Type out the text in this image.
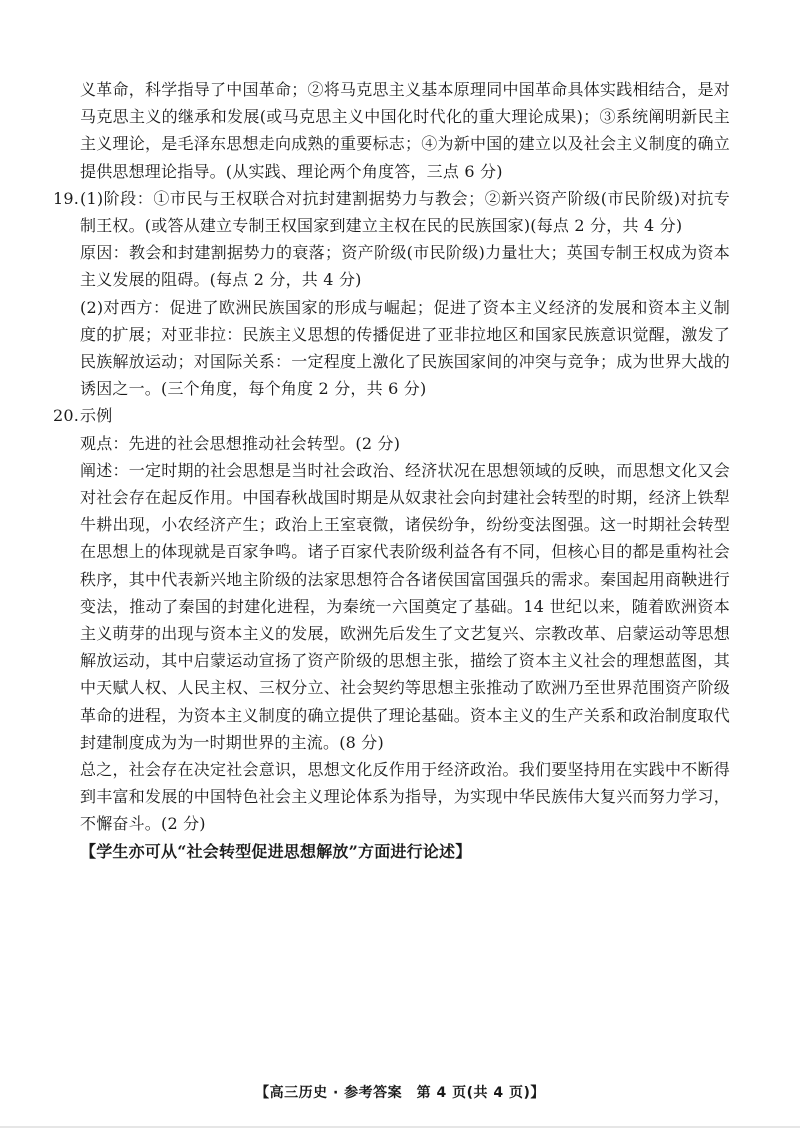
义革命，科学指导了中国革命；②将马克思主义基本原理同中国革命具体实践相结合，是对马克思主义的继承和发展(或马克思主义中国化时代化的重大理论成果)；③系统阐明新民主主义理论，是毛泽东思想走向成熟的重要标志；④为新中国的建立以及社会主义制度的确立提供思想理论指导。(从实践、理论两个角度答，三点 6 分)

19. (1)阶段：①市民与王权联合对抗封建割据势力与教会；②新兴资产阶级(市民阶级)对抗专制王权。(或答从建立专制王权国家到建立主权在民的民族国家)(每点 2 分，共 4 分)

原因：教会和封建割据势力的衰落；资产阶级(市民阶级)力量壮大；英国专制王权成为资本主义发展的阻碍。(每点 2 分，共 4 分)

(2)对西方：促进了欧洲民族国家的形成与崛起；促进了资本主义经济的发展和资本主义制度的扩展；对亚非拉：民族主义思想的传播促进了亚非拉地区和国家民族意识觉醒，激发了民族解放运动；对国际关系：一定程度上激化了民族国家间的冲突与竞争；成为世界大战的诱因之一。(三个角度，每个角度 2 分，共 6 分)

20. 示例

观点：先进的社会思想推动社会转型。(2 分)

阐述：一定时期的社会思想是当时社会政治、经济状况在思想领域的反映，而思想文化又会对社会存在起反作用。中国春秋战国时期是从奴隶社会向封建社会转型的时期，经济上铁犁牛耕出现，小农经济产生；政治上王室衰微，诸侯纷争，纷纷变法图强。这一时期社会转型在思想上的体现就是百家争鸣。诸子百家代表阶级利益各有不同，但核心目的都是重构社会秩序，其中代表新兴地主阶级的法家思想符合各诸侯国富国强兵的需求。秦国起用商鞅进行变法，推动了秦国的封建化进程，为秦统一六国奠定了基础。14 世纪以来，随着欧洲资本主义萌芽的出现与资本主义的发展，欧洲先后发生了文艺复兴、宗教改革、启蒙运动等思想解放运动，其中启蒙运动宣扬了资产阶级的思想主张，描绘了资本主义社会的理想蓝图，其中天赋人权、人民主权、三权分立、社会契约等思想主张推动了欧洲乃至世界范围资产阶级革命的进程，为资本主义制度的确立提供了理论基础。资本主义的生产关系和政治制度取代封建制度成为为一时期世界的主流。(8 分)

总之，社会存在决定社会意识，思想文化反作用于经济政治。我们要坚持用在实践中不断得到丰富和发展的中国特色社会主义理论体系为指导，为实现中华民族伟大复兴而努力学习，不懈奋斗。(2 分)

【学生亦可从“社会转型促进思想解放”方面进行论述】

【高三历史 · 参考答案　第 4 页(共 4 页)】
